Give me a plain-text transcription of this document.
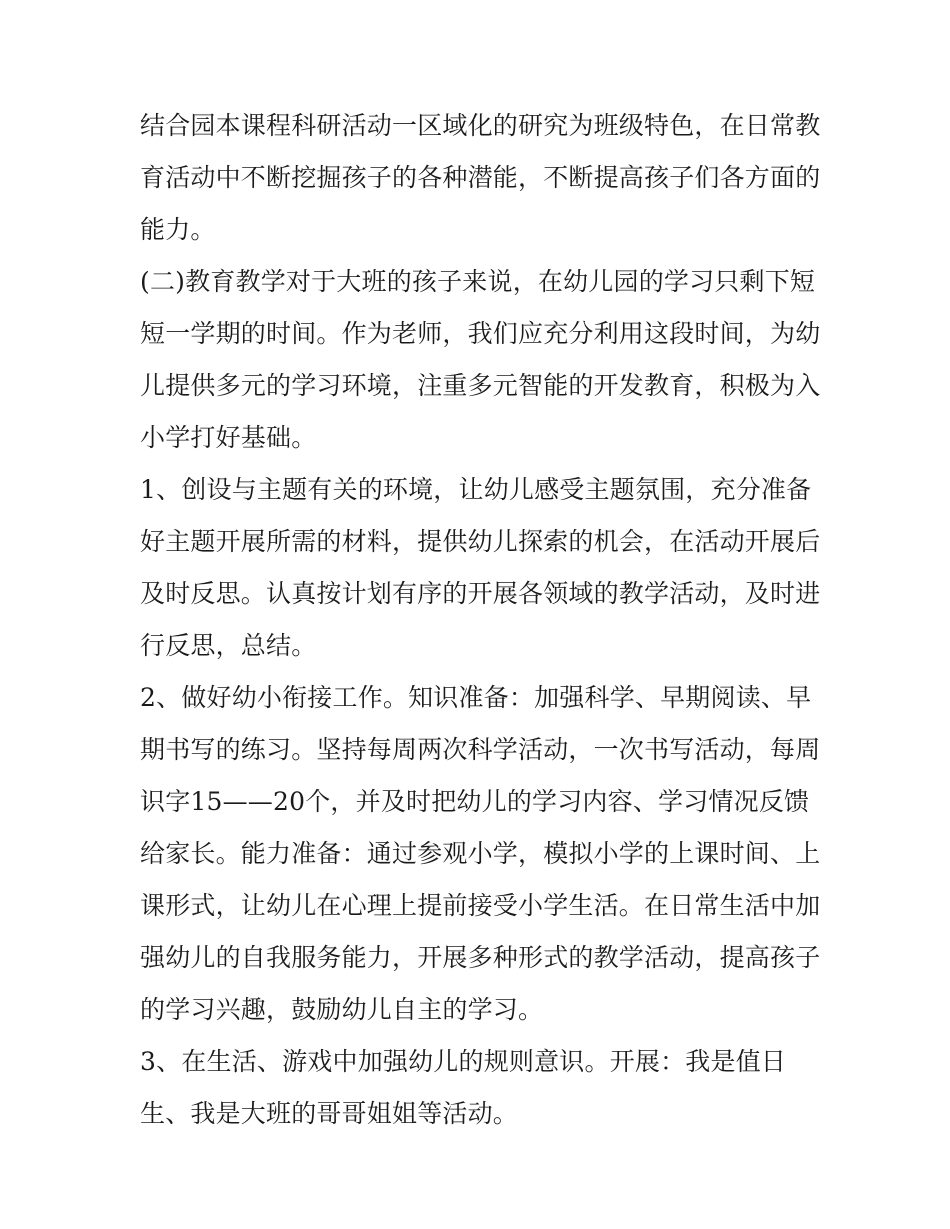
结合园本课程科研活动一区域化的研究为班级特色，在日常教
育活动中不断挖掘孩子的各种潜能，不断提高孩子们各方面的
能力。
(二)教育教学对于大班的孩子来说，在幼儿园的学习只剩下短
短一学期的时间。作为老师，我们应充分利用这段时间，为幼
儿提供多元的学习环境，注重多元智能的开发教育，积极为入
小学打好基础。
1、创设与主题有关的环境，让幼儿感受主题氛围，充分准备
好主题开展所需的材料，提供幼儿探索的机会，在活动开展后
及时反思。认真按计划有序的开展各领域的教学活动，及时进
行反思，总结。
2、做好幼小衔接工作。知识准备：加强科学、早期阅读、早
期书写的练习。坚持每周两次科学活动，一次书写活动，每周
识字15——20个，并及时把幼儿的学习内容、学习情况反馈
给家长。能力准备：通过参观小学，模拟小学的上课时间、上
课形式，让幼儿在心理上提前接受小学生活。在日常生活中加
强幼儿的自我服务能力，开展多种形式的教学活动，提高孩子
的学习兴趣，鼓励幼儿自主的学习。
3、在生活、游戏中加强幼儿的规则意识。开展：我是值日
生、我是大班的哥哥姐姐等活动。
